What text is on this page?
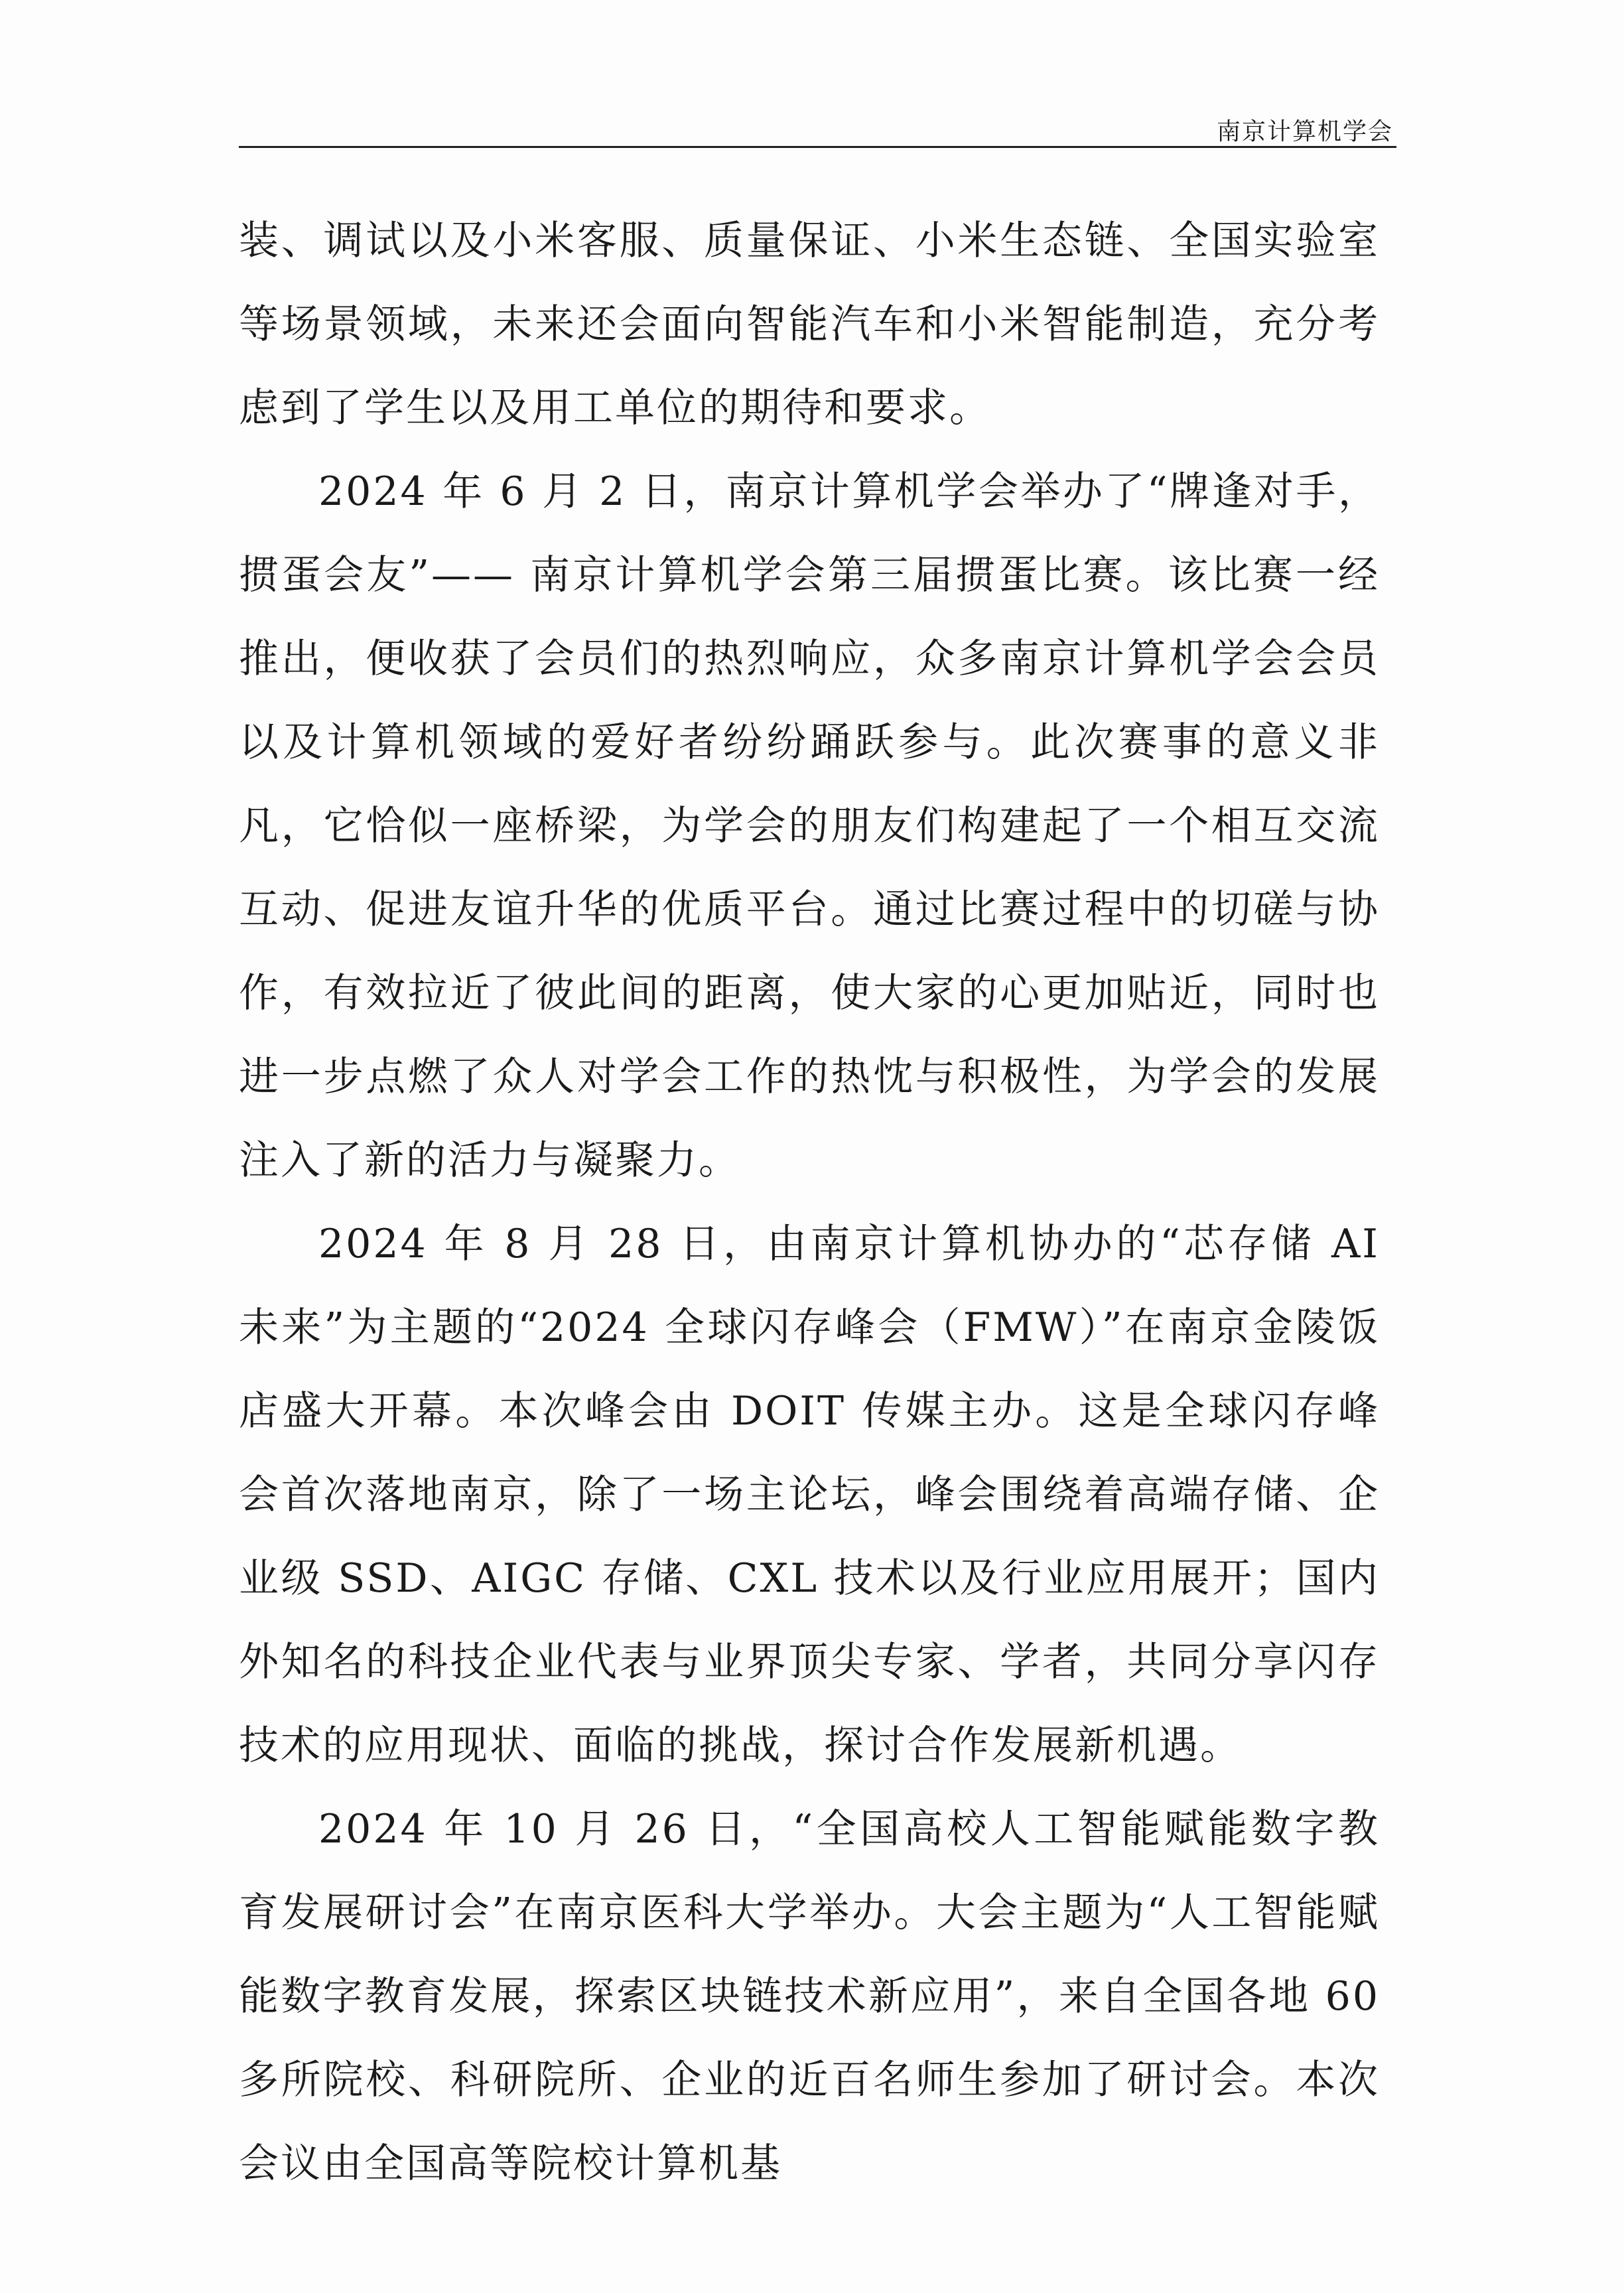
南京计算机学会

装、调试以及小米客服、质量保证、小米生态链、全国实验室等场景领域，未来还会面向智能汽车和小米智能制造，充分考虑到了学生以及用工单位的期待和要求。

2024 年 6 月 2 日，南京计算机学会举办了“牌逢对手，掼蛋会友”—— 南京计算机学会第三届掼蛋比赛。该比赛一经推出，便收获了会员们的热烈响应，众多南京计算机学会会员以及计算机领域的爱好者纷纷踊跃参与。此次赛事的意义非凡，它恰似一座桥梁，为学会的朋友们构建起了一个相互交流互动、促进友谊升华的优质平台。通过比赛过程中的切磋与协作，有效拉近了彼此间的距离，使大家的心更加贴近，同时也进一步点燃了众人对学会工作的热忱与积极性，为学会的发展注入了新的活力与凝聚力。

2024 年 8 月 28 日，由南京计算机协办的“芯存储 AI 未来”为主题的“2024 全球闪存峰会（FMW）”在南京金陵饭店盛大开幕。本次峰会由 DOIT 传媒主办。这是全球闪存峰会首次落地南京，除了一场主论坛，峰会围绕着高端存储、企业级 SSD、AIGC 存储、CXL 技术以及行业应用展开；国内外知名的科技企业代表与业界顶尖专家、学者，共同分享闪存技术的应用现状、面临的挑战，探讨合作发展新机遇。

2024 年 10 月 26 日，“全国高校人工智能赋能数字教育发展研讨会”在南京医科大学举办。大会主题为“人工智能赋能数字教育发展，探索区块链技术新应用”，来自全国各地 60 多所院校、科研院所、企业的近百名师生参加了研讨会。本次会议由全国高等院校计算机基
